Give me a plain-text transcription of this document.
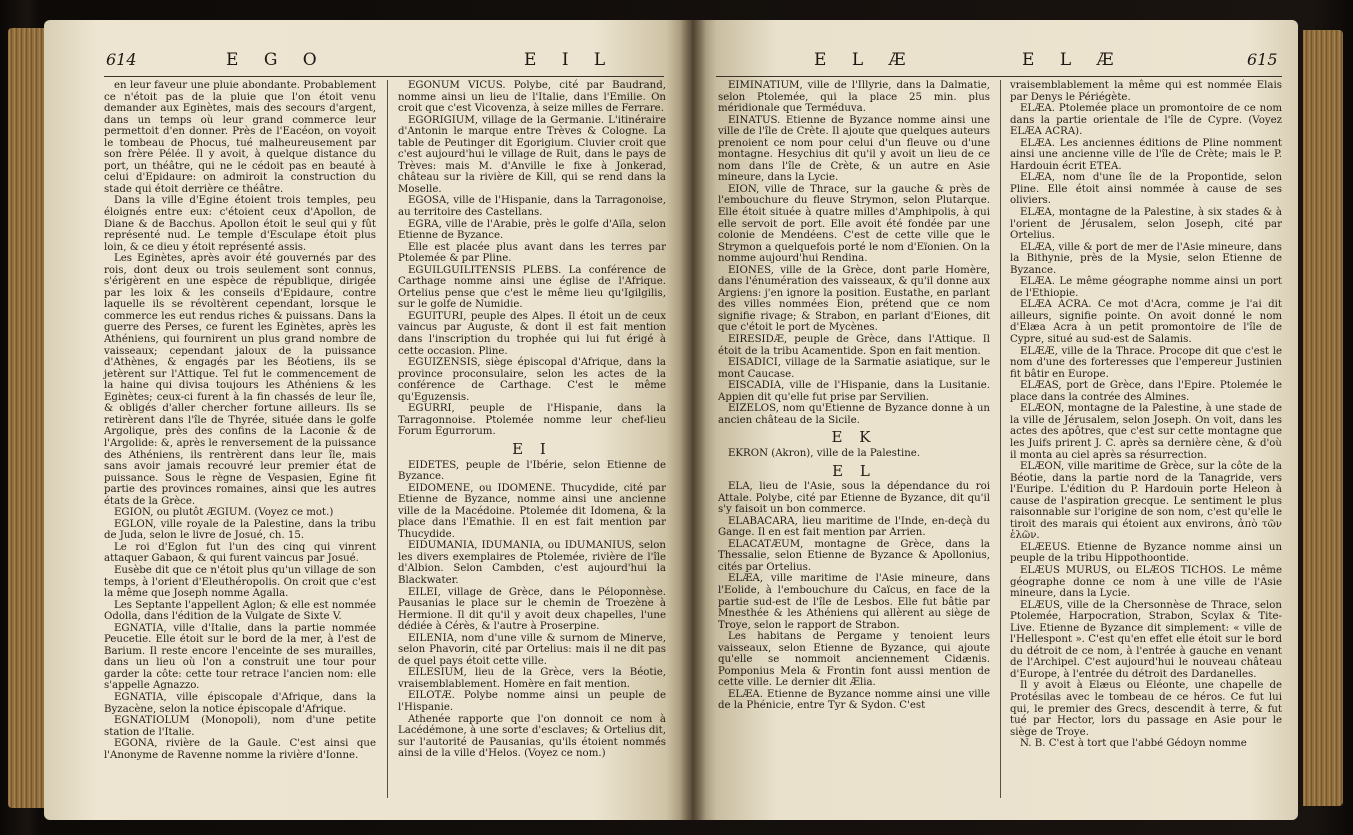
614	E G O	E I L

en leur faveur une pluie abondante. Probablement ce n'étoit pas de la pluie que l'on étoit venu demander aux Eginètes, mais des secours d'argent, dans un temps où leur grand commerce leur permettoit d'en donner. Près de l'Eacéon, on voyoit le tombeau de Phocus, tué malheureusement par son frère Pélée. Il y avoit, à quelque distance du port, un théâtre, qui ne le cédoit pas en beauté à celui d'Epidaure: on admiroit la construction du stade qui étoit derrière ce théâtre.

Dans la ville d'Egine étoient trois temples, peu éloignés entre eux: c'étoient ceux d'Apollon, de Diane & de Bacchus. Apollon étoit le seul qui y fût représenté nud. Le temple d'Esculape étoit plus loin, & ce dieu y étoit représenté assis.

Les Eginètes, après avoir été gouvernés par des rois, dont deux ou trois seulement sont connus, s'érigèrent en une espèce de république, dirigée par les loix & les conseils d'Epidaure, contre laquelle ils se révoltèrent cependant, lorsque le commerce les eut rendus riches & puissans. Dans la guerre des Perses, ce furent les Eginètes, après les Athéniens, qui fournirent un plus grand nombre de vaisseaux; cependant jaloux de la puissance d'Athènes, & engagés par les Béotiens, ils se jetèrent sur l'Attique. Tel fut le commencement de la haine qui divisa toujours les Athéniens & les Eginètes; ceux-ci furent à la fin chassés de leur île, & obligés d'aller chercher fortune ailleurs. Ils se retirèrent dans l'île de Thyrée, située dans le golfe Argolique, près des confins de la Laconie & de l'Argolide: &, après le renversement de la puissance des Athéniens, ils rentrèrent dans leur île, mais sans avoir jamais recouvré leur premier état de puissance. Sous le règne de Vespasien, Egine fit partie des provinces romaines, ainsi que les autres états de la Grèce.

EGION, ou plutôt ÆGIUM. (Voyez ce mot.)

EGLON, ville royale de la Palestine, dans la tribu de Juda, selon le livre de Josué, ch. 15.

Le roi d'Eglon fut l'un des cinq qui vinrent attaquer Gabaon, & qui furent vaincus par Josué.

Eusèbe dit que ce n'étoit plus qu'un village de son temps, à l'orient d'Eleuthéropolis. On croit que c'est la même que Joseph nomme Agalla.

Les Septante l'appellent Aglon; & elle est nommée Odolla, dans l'édition de la Vulgate de Sixte V.

EGNATIA, ville d'Italie, dans la partie nommée Peucetie. Elle étoit sur le bord de la mer, à l'est de Barium. Il reste encore l'enceinte de ses murailles, dans un lieu où l'on a construit une tour pour garder la côte: cette tour retrace l'ancien nom: elle s'appelle Agnazzo.

EGNATIA, ville épiscopale d'Afrique, dans la Byzacène, selon la notice épiscopale d'Afrique.

EGNATIOLUM (Monopoli), nom d'une petite station de l'Italie.

EGONA, rivière de la Gaule. C'est ainsi que l'Anonyme de Ravenne nomme la rivière d'Ionne.

EGONUM VICUS. Polybe, cité par Baudrand, nomme ainsi un lieu de l'Italie, dans l'Emilie. On croit que c'est Vicovenza, à seize milles de Ferrare.

EGORIGIUM, village de la Germanie. L'itinéraire d'Antonin le marque entre Trèves & Cologne. La table de Peutinger dit Egorigium. Cluvier croit que c'est aujourd'hui le village de Ruit, dans le pays de Trèves: mais M. d'Anville le fixe à Jonkerad, château sur la rivière de Kill, qui se rend dans la Moselle.

EGOSA, ville de l'Hispanie, dans la Tarragonoise, au territoire des Castellans.

EGRA, ville de l'Arabie, près le golfe d'Aïla, selon Etienne de Byzance.

Elle est placée plus avant dans les terres par Ptolemée & par Pline.

EGUILGUILITENSIS PLEBS. La conférence de Carthage nomme ainsi une église de l'Afrique. Ortelius pense que c'est le même lieu qu'Igilgilis, sur le golfe de Numidie.

EGUITURI, peuple des Alpes. Il étoit un de ceux vaincus par Auguste, & dont il est fait mention dans l'inscription du trophée qui lui fut érigé à cette occasion. Pline.

EGUIZENSIS, siège épiscopal d'Afrique, dans la province proconsulaire, selon les actes de la conférence de Carthage. C'est le même qu'Eguzensis.

EGURRI, peuple de l'Hispanie, dans la Tarragonnoise. Ptolemée nomme leur chef-lieu Forum Egurrorum.

E I

EIDETES, peuple de l'Ibérie, selon Etienne de Byzance.

EIDOMENE, ou IDOMENE. Thucydide, cité par Etienne de Byzance, nomme ainsi une ancienne ville de la Macédoine. Ptolemée dit Idomena, & la place dans l'Emathie. Il en est fait mention par Thucydide.

EIDUMANIA, IDUMANIA, ou IDUMANIUS, selon les divers exemplaires de Ptolemée, rivière de l'île d'Albion. Selon Cambden, c'est aujourd'hui la Blackwater.

EILEI, village de Grèce, dans le Péloponnèse. Pausanias le place sur le chemin de Troezène à Hermione. Il dit qu'il y avoit deux chapelles, l'une dédiée à Cérès, & l'autre à Proserpine.

EILENIA, nom d'une ville & surnom de Minerve, selon Phavorin, cité par Ortelius: mais il ne dit pas de quel pays étoit cette ville.

EILESIUM, lieu de la Grèce, vers la Béotie, vraisemblablement. Homère en fait mention.

EILOTÆ. Polybe nomme ainsi un peuple de l'Hispanie.

Athenée rapporte que l'on donnoit ce nom à Lacédémone, à une sorte d'esclaves; & Ortelius dit, sur l'autorité de Pausanias, qu'ils étoient nommés ainsi de la ville d'Helos. (Voyez ce nom.)

E L Æ	E L Æ	615

EIMINATIUM, ville de l'Illyrie, dans la Dalmatie, selon Ptolemée, qui la place 25 min. plus méridionale que Terméduva.

EINATUS. Etienne de Byzance nomme ainsi une ville de l'île de Crète. Il ajoute que quelques auteurs prenoient ce nom pour celui d'un fleuve ou d'une montagne. Hesychius dit qu'il y avoit un lieu de ce nom dans l'île de Crète, & un autre en Asie mineure, dans la Lycie.

EION, ville de Thrace, sur la gauche & près de l'embouchure du fleuve Strymon, selon Plutarque. Elle étoit située à quatre milles d'Amphipolis, à qui elle servoit de port. Elle avoit été fondée par une colonie de Mendéens. C'est de cette ville que le Strymon a quelquefois porté le nom d'Eïonien. On la nomme aujourd'hui Rendina.

EIONES, ville de la Grèce, dont parle Homère, dans l'énumération des vaisseaux, & qu'il donne aux Argiens: j'en ignore la position. Eustathe, en parlant des villes nommées Eion, prétend que ce nom signifie rivage; & Strabon, en parlant d'Eiones, dit que c'étoit le port de Mycènes.

EIRESIDÆ, peuple de Grèce, dans l'Attique. Il étoit de la tribu Acamentide. Spon en fait mention.

EISADICI, village de la Sarmatie asiatique, sur le mont Caucase.

EISCADIA, ville de l'Hispanie, dans la Lusitanie. Appien dit qu'elle fut prise par Servilien.

EIZELOS, nom qu'Etienne de Byzance donne à un ancien château de la Sicile.

E K

EKRON (Akron), ville de la Palestine.

E L

ELA, lieu de l'Asie, sous la dépendance du roi Attale. Polybe, cité par Etienne de Byzance, dit qu'il s'y faisoit un bon commerce.

ELABACARA, lieu maritime de l'Inde, en-deçà du Gange. Il en est fait mention par Arrien.

ELACATÆUM, montagne de Grèce, dans la Thessalie, selon Etienne de Byzance & Apollonius, cités par Ortelius.

ELÆA, ville maritime de l'Asie mineure, dans l'Eolide, à l'embouchure du Caïcus, en face de la partie sud-est de l'île de Lesbos. Elle fut bâtie par Mnesthée & les Athéniens qui allèrent au siège de Troye, selon le rapport de Strabon.

Les habitans de Pergame y tenoient leurs vaisseaux, selon Etienne de Byzance, qui ajoute qu'elle se nommoit anciennement Cidænis. Pomponius Mela & Frontin font aussi mention de cette ville. Le dernier dit Ælia.

ELÆA. Etienne de Byzance nomme ainsi une ville de la Phénicie, entre Tyr & Sydon. C'est

vraisemblablement la même qui est nommée Elais par Denys le Périégète.

ELÆA. Ptolemée place un promontoire de ce nom dans la partie orientale de l'île de Cypre. (Voyez ELÆA ACRA).

ELÆA. Les anciennes éditions de Pline nomment ainsi une ancienne ville de l'île de Crète; mais le P. Hardouin écrit ETEA.

ELÆA, nom d'une île de la Propontide, selon Pline. Elle étoit ainsi nommée à cause de ses oliviers.

ELÆA, montagne de la Palestine, à six stades & à l'orient de Jérusalem, selon Joseph, cité par Ortelius.

ELÆA, ville & port de mer de l'Asie mineure, dans la Bithynie, près de la Mysie, selon Etienne de Byzance.

ELÆA. Le même géographe nomme ainsi un port de l'Ethiopie.

ELÆA ACRA. Ce mot d'Acra, comme je l'ai dit ailleurs, signifie pointe. On avoit donné le nom d'Elæa Acra à un petit promontoire de l'île de Cypre, situé au sud-est de Salamis.

ELÆÆ, ville de la Thrace. Procope dit que c'est le nom d'une des forteresses que l'empereur Justinien fit bâtir en Europe.

ELÆAS, port de Grèce, dans l'Epire. Ptolemée le place dans la contrée des Almines.

ELÆON, montagne de la Palestine, à une stade de la ville de Jérusalem, selon Joseph. On voit, dans les actes des apôtres, que c'est sur cette montagne que les Juifs prirent J. C. après sa dernière cène, & d'où il monta au ciel après sa résurrection.

ELÆON, ville maritime de Grèce, sur la côte de la Béotie, dans la partie nord de la Tanagride, vers l'Euripe. L'édition du P. Hardouin porte Heleon à cause de l'aspiration grecque. Le sentiment le plus raisonnable sur l'origine de son nom, c'est qu'elle le tiroit des marais qui étoient aux environs, ἀπὸ τῶν ἑλῶν.

ELÆEUS. Etienne de Byzance nomme ainsi un peuple de la tribu Hippothoontide.

ELÆUS MURUS, ou ELÆOS TICHOS. Le même géographe donne ce nom à une ville de l'Asie mineure, dans la Lycie.

ELÆUS, ville de la Chersonnèse de Thrace, selon Ptolemée, Harpocration, Strabon, Scylax & Tite-Live. Etienne de Byzance dit simplement: « ville de l'Hellespont ». C'est qu'en effet elle étoit sur le bord du détroit de ce nom, à l'entrée à gauche en venant de l'Archipel. C'est aujourd'hui le nouveau château d'Europe, à l'entrée du détroit des Dardanelles.

Il y avoit à Elæus ou Eléonte, une chapelle de Protésilas avec le tombeau de ce héros. Ce fut lui qui, le premier des Grecs, descendit à terre, & fut tué par Hector, lors du passage en Asie pour le siège de Troye.

N. B. C'est à tort que l'abbé Gédoyn nomme
